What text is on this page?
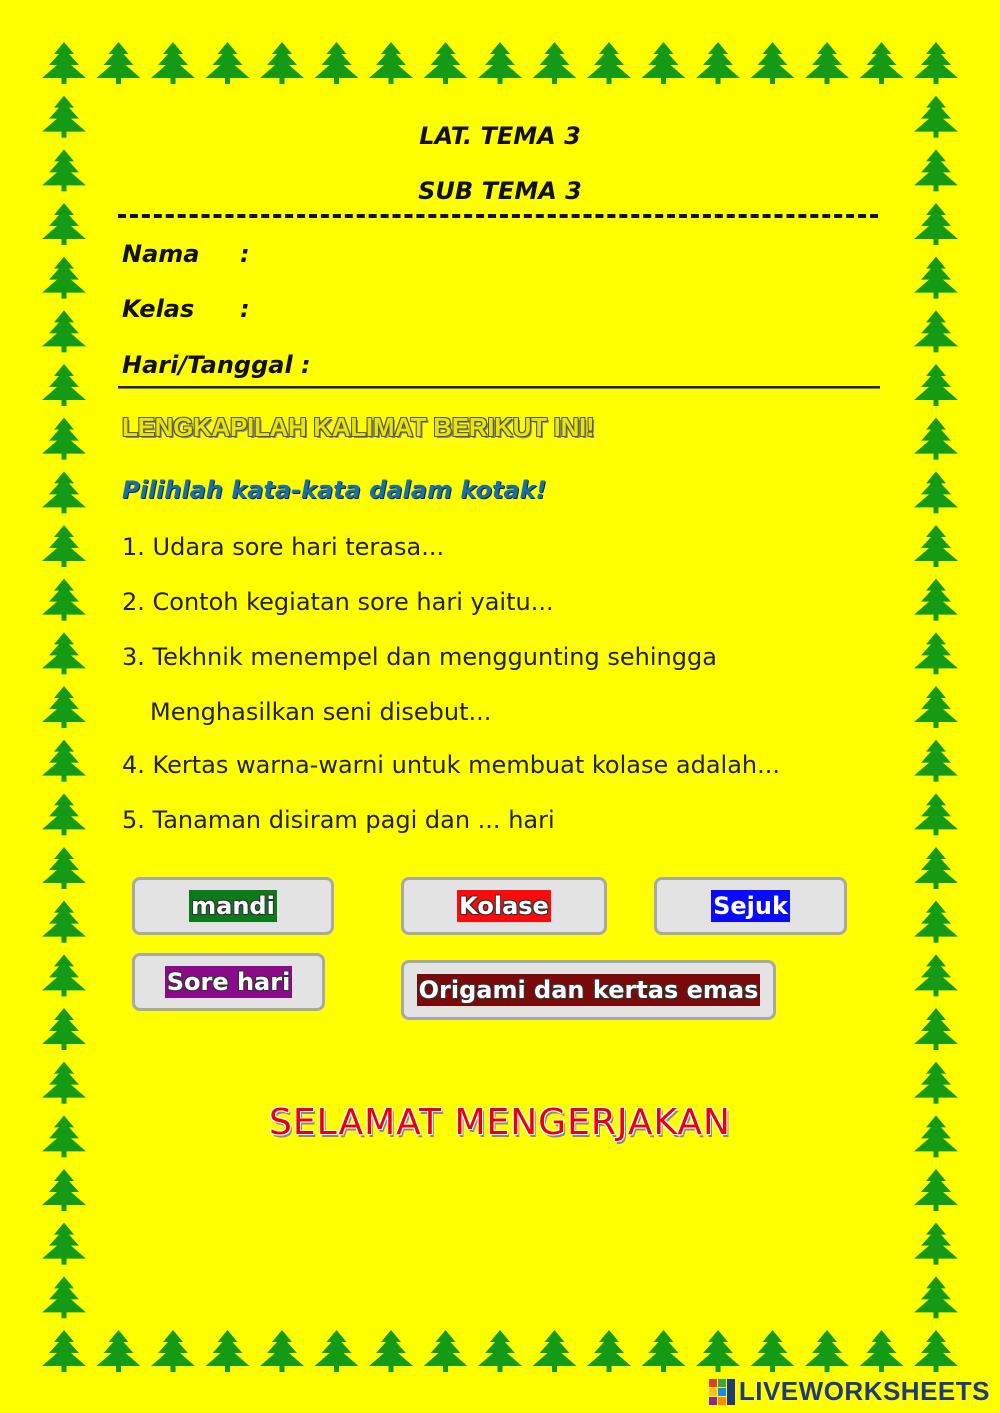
LAT. TEMA 3
SUB TEMA 3
Nama :
Kelas :
Hari/Tanggal :
LENGKAPILAH KALIMAT BERIKUT INI!
Pilihlah kata-kata dalam kotak!
1. Udara sore hari terasa...
2. Contoh kegiatan sore hari yaitu...
3. Tekhnik menempel dan menggunting sehingga
Menghasilkan seni disebut...
4. Kertas warna-warni untuk membuat kolase adalah...
5. Tanaman disiram pagi dan ... hari
mandi	Kolase	Sejuk
Sore hari	Origami dan kertas emas
SELAMAT MENGERJAKAN
LIVEWORKSHEETS
